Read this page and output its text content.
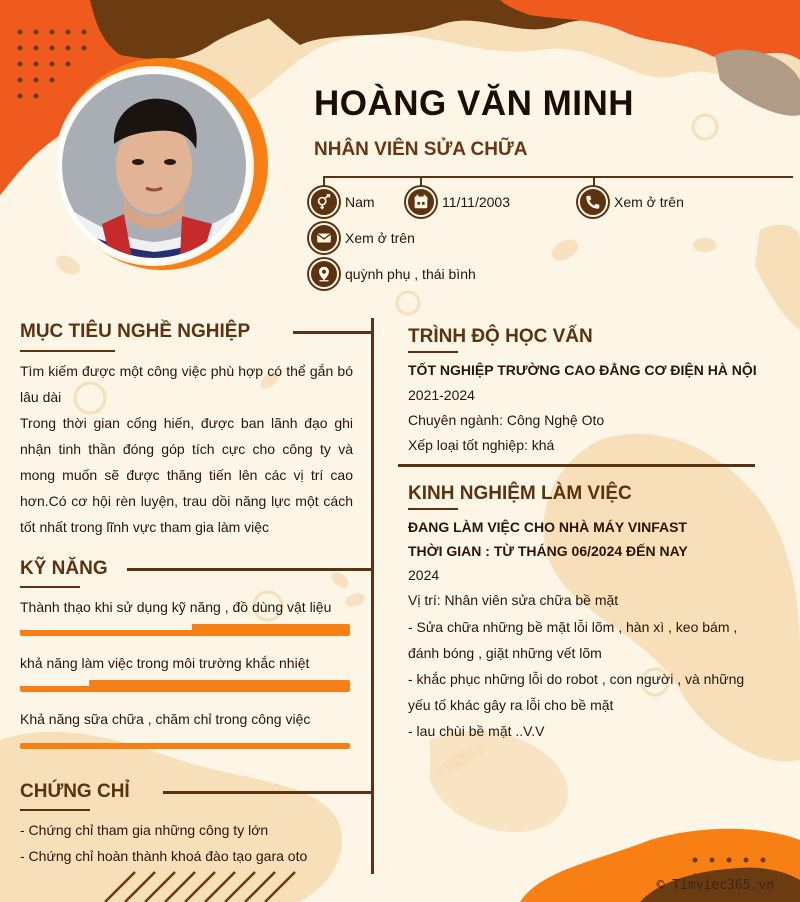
HOÀNG VĂN MINH
NHÂN VIÊN SỬA CHỮA
Nam	11/11/2003	Xem ở trên
Xem ở trên
quỳnh phụ , thái bình
MỤC TIÊU NGHỀ NGHIỆP
Tìm kiếm được một công việc phù hợp có thể gắn bó lâu dài
Trong thời gian cống hiến, được ban lãnh đạo ghi nhận tinh thần đóng góp tích cực cho công ty và mong muốn sẽ được thăng tiến lên các vị trí cao hơn.Có cơ hội rèn luyện, trau dồi năng lực một cách tốt nhất trong lĩnh vực tham gia làm việc
KỸ NĂNG
Thành thạo khi sử dụng kỹ năng , đồ dùng vật liệu
khả năng làm việc trong môi trường khắc nhiệt
Khả năng sữa chữa , chăm chỉ trong công việc
CHỨNG CHỈ
- Chứng chỉ tham gia những công ty lớn
- Chứng chỉ hoàn thành khoá đào tạo gara oto
TRÌNH ĐỘ HỌC VẤN
TỐT NGHIỆP TRƯỜNG CAO ĐẲNG CƠ ĐIỆN HÀ NỘI
2021-2024
Chuyên ngành: Công Nghệ Oto
Xếp loại tốt nghiệp: khá
KINH NGHIỆM LÀM VIỆC
ĐANG LÀM VIỆC CHO NHÀ MÁY VINFAST
THỜI GIAN : TỪ THÁNG 06/2024 ĐẾN NAY
2024
Vị trí: Nhân viên sửa chữa bề mặt
- Sửa chữa những bề mặt lỗi lõm , hàn xì , keo bám , đánh bóng , giặt những vết lõm
- khắc phục những lỗi do robot , con người , và những yếu tố khác gây ra lỗi cho bề mặt
- lau chùi bề mặt ..V.V
© Timviec365.vn
